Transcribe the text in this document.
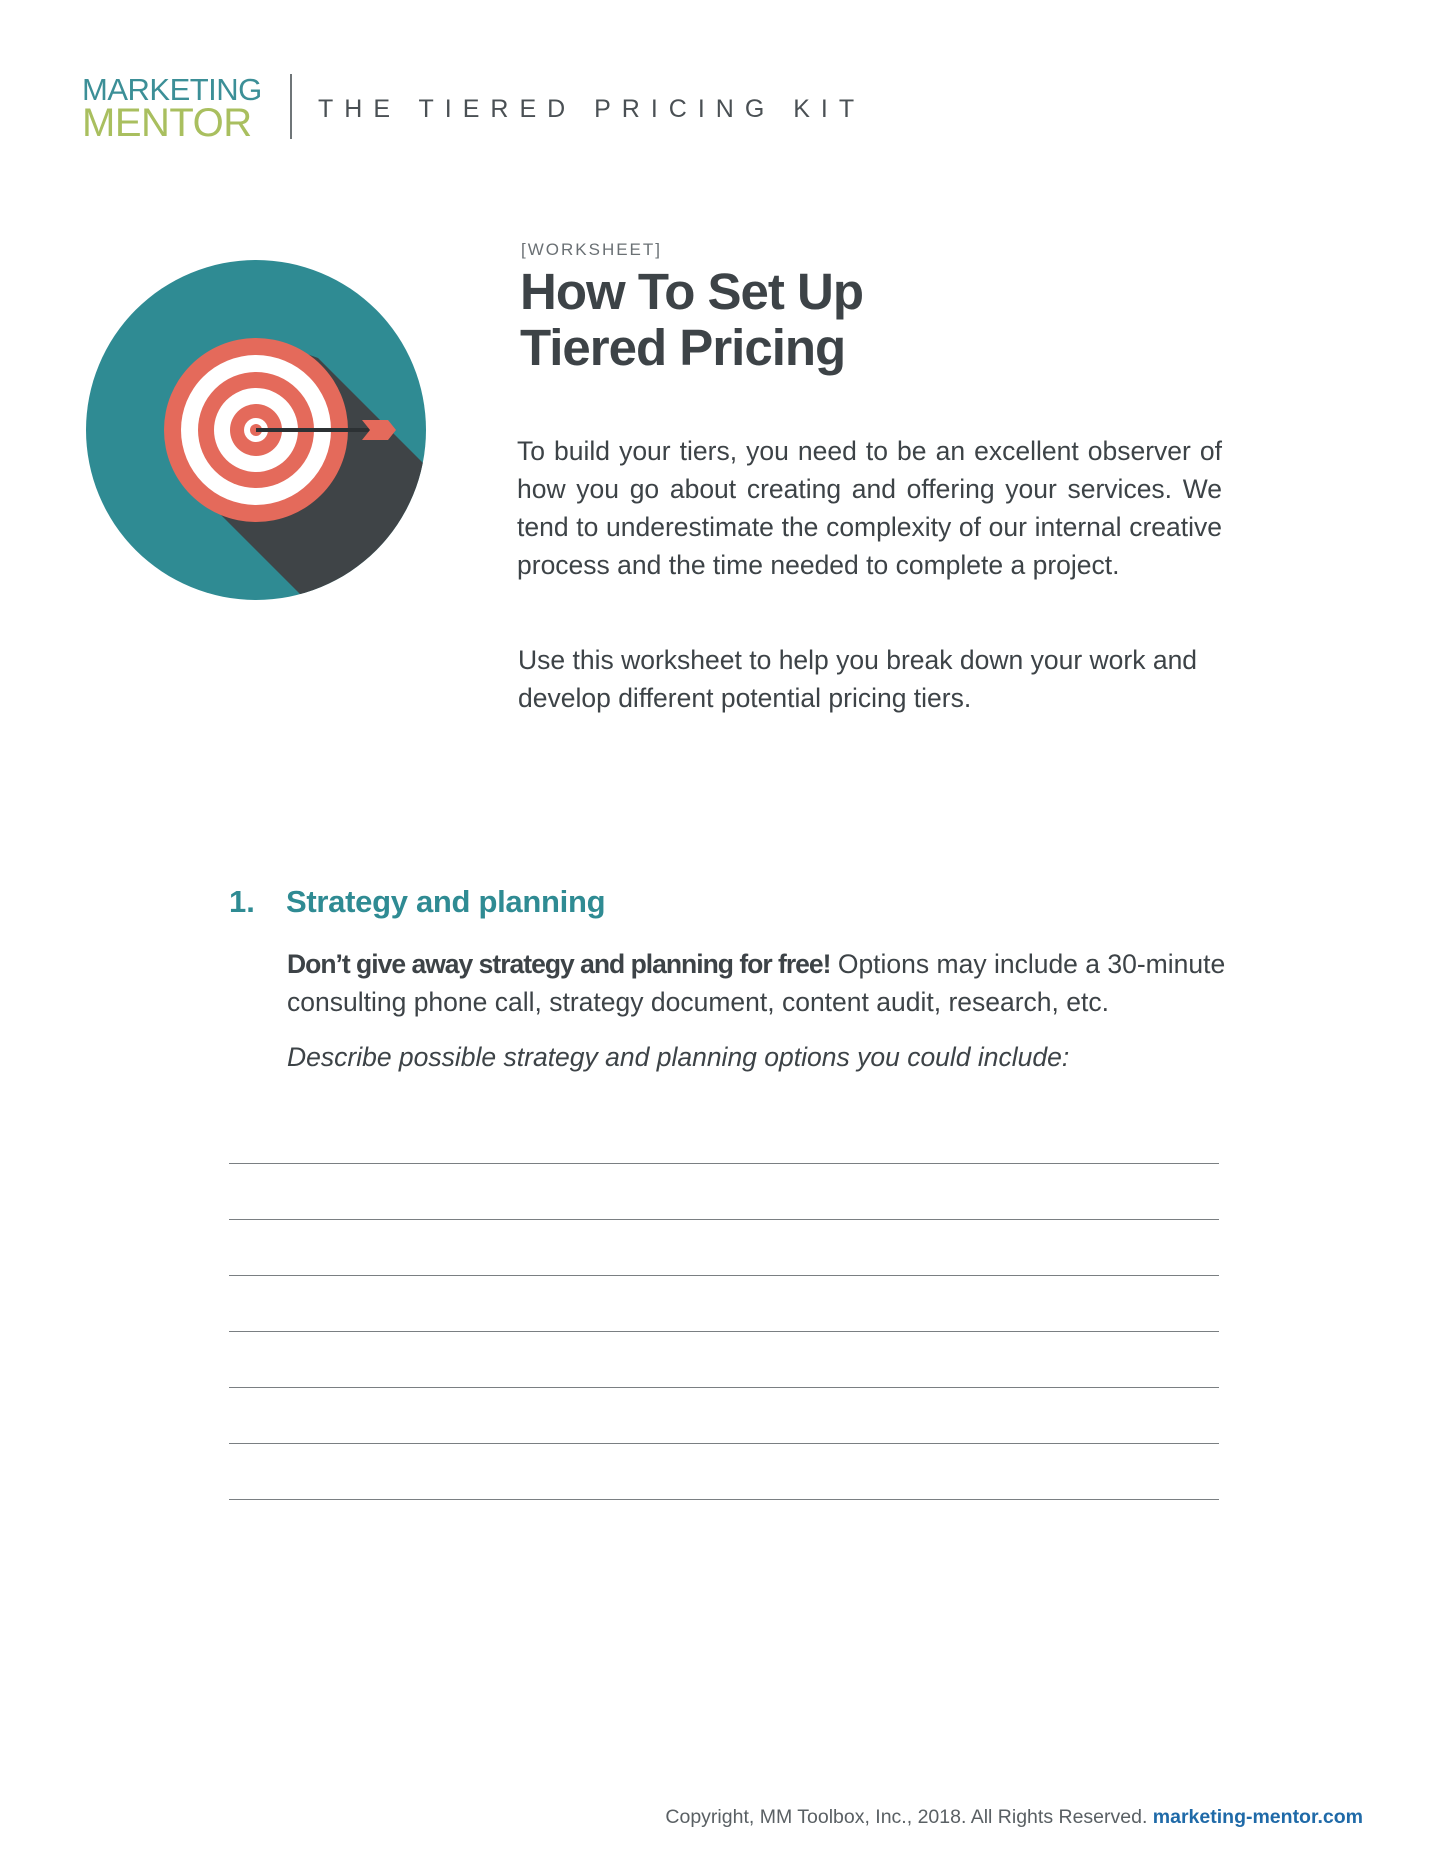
MARKETING
MENTOR	THE TIERED PRICING KIT
[WORKSHEET]
How To Set Up
Tiered Pricing

To build your tiers, you need to be an excellent observer of how you go about creating and offering your services. We tend to underestimate the complexity of our internal creative process and the time needed to complete a project.

Use this worksheet to help you break down your work and develop different potential pricing tiers.

1. Strategy and planning

Don’t give away strategy and planning for free! Options may include a 30-minute consulting phone call, strategy document, content audit, research, etc.

Describe possible strategy and planning options you could include:

Copyright, MM Toolbox, Inc., 2018. All Rights Reserved. marketing-mentor.com
